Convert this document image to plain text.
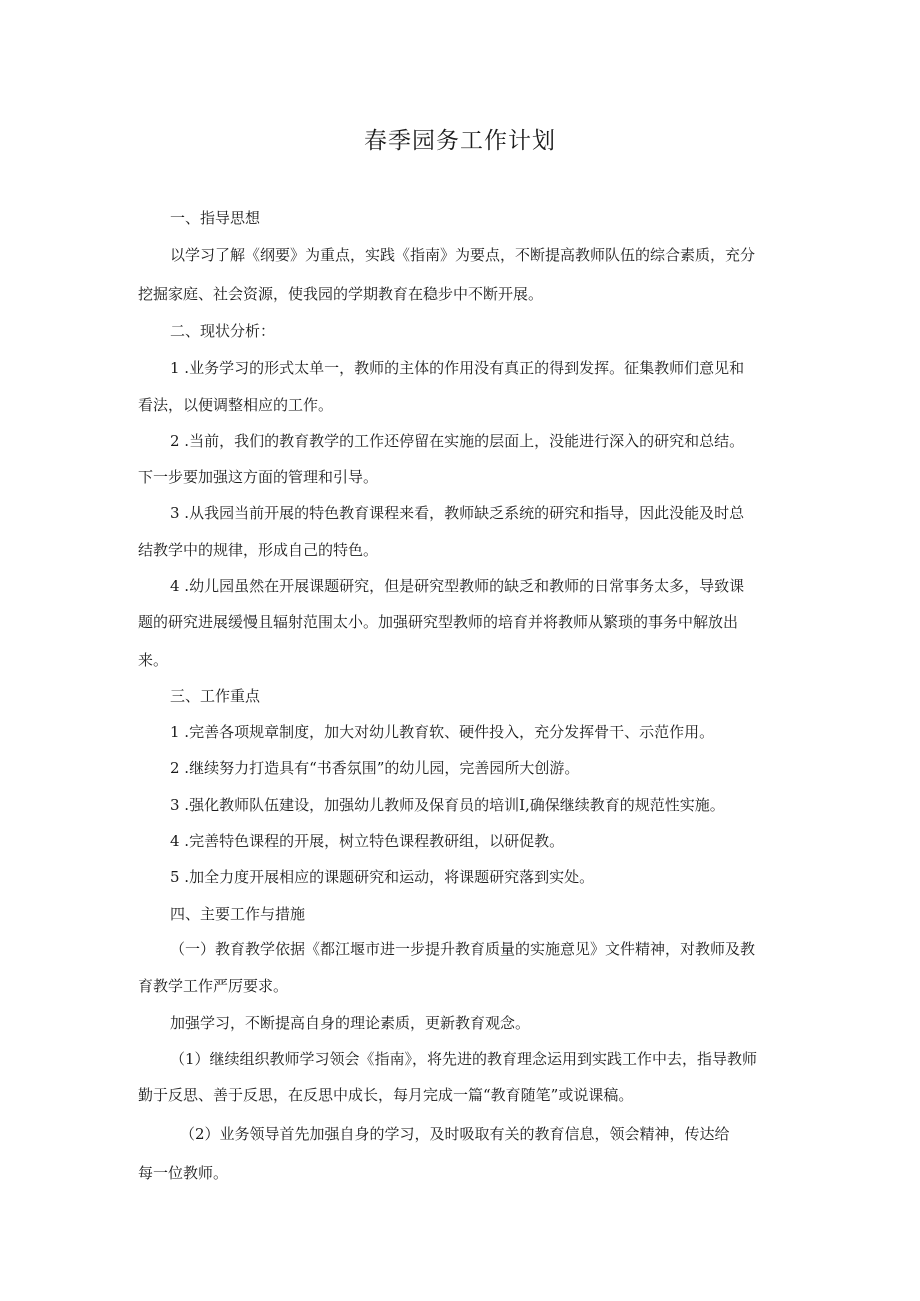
春季园务工作计划
一、指导思想
以学习了解《纲要》为重点，实践《指南》为要点，不断提高教师队伍的综合素质，充分
挖掘家庭、社会资源，使我园的学期教育在稳步中不断开展。
二、现状分析：
1 .业务学习的形式太单一，教师的主体的作用没有真正的得到发挥。征集教师们意见和
看法，以便调整相应的工作。
2 .当前，我们的教育教学的工作还停留在实施的层面上，没能进行深入的研究和总结。
下一步要加强这方面的管理和引导。
3 .从我园当前开展的特色教育课程来看，教师缺乏系统的研究和指导，因此没能及时总
结教学中的规律，形成自己的特色。
4 .幼儿园虽然在开展课题研究，但是研究型教师的缺乏和教师的日常事务太多，导致课
题的研究进展缓慢且辐射范围太小。加强研究型教师的培育并将教师从繁琐的事务中解放出
来。
三、工作重点
1 .完善各项规章制度，加大对幼儿教育软、硬件投入，充分发挥骨干、示范作用。
2 .继续努力打造具有“书香氛围”的幼儿园，完善园所大创游。
3 .强化教师队伍建设，加强幼儿教师及保育员的培训I,确保继续教育的规范性实施。
4 .完善特色课程的开展，树立特色课程教研组，以研促教。
5 .加全力度开展相应的课题研究和运动，将课题研究落到实处。
四、主要工作与措施
（一）教育教学依据《都江堰市进一步提升教育质量的实施意见》文件精神，对教师及教
育教学工作严厉要求。
加强学习，不断提高自身的理论素质，更新教育观念。
（1）继续组织教师学习领会《指南》，将先进的教育理念运用到实践工作中去，指导教师
勤于反思、善于反思，在反思中成长，每月完成一篇“教育随笔”或说课稿。
（2）业务领导首先加强自身的学习，及时吸取有关的教育信息，领会精神，传达给
每一位教师。
